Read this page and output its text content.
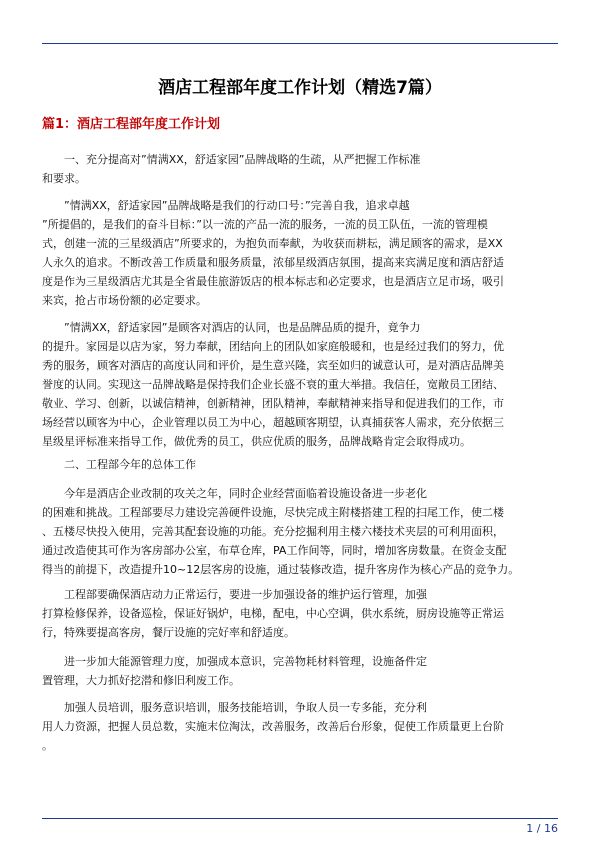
酒店工程部年度工作计划（精选7篇）
篇1：酒店工程部年度工作计划
　　一、充分提高对”情满XX，舒适家园”品牌战略的生疏，从严把握工作标准
和要求。
　　”情满XX，舒适家园”品牌战略是我们的行动口号：”完善自我，追求卓越
”所提倡的，是我们的奋斗目标：”以一流的产品一流的服务，一流的员工队伍，一流的管理模
式，创建一流的三星级酒店”所要求的，为抱负而奉献，为收获而耕耘，满足顾客的需求，是XX
人永久的追求。不断改善工作质量和服务质量，浓郁星级酒店氛围，提高来宾满足度和酒店舒适
度是作为三星级酒店尤其是全省最佳旅游饭店的根本标志和必定要求，也是酒店立足市场，吸引
来宾，抢占市场份额的必定要求。
　　”情满XX，舒适家园”是顾客对酒店的认同，也是品牌品质的提升，竟争力
的提升。家园是以店为家，努力奉献，团结向上的团队如家庭般暖和，也是经过我们的努力，优
秀的服务，顾客对酒店的高度认同和评价，是生意兴隆，宾至如归的诚意认可，是对酒店品牌美
誉度的认同。实现这一品牌战略是保持我们企业长盛不衰的重大举措。我信任，宽敞员工团结、
敬业、学习、创新，以诚信精神，创新精神，团队精神，奉献精神来指导和促进我们的工作，市
场经营以顾客为中心，企业管理以员工为中心，超越顾客期望，认真捕获客人需求，充分依据三
星级星评标准来指导工作，做优秀的员工，供应优质的服务，品牌战略肯定会取得成功。
　　二、工程部今年的总体工作
　　今年是酒店企业改制的攻关之年，同时企业经营面临着设施设备进一步老化
的困难和挑战。工程部要尽力建设完善硬件设施，尽快完成主附楼搭建工程的扫尾工作，使二楼
、五楼尽快投入使用，完善其配套设施的功能。充分挖掘利用主楼六楼技术夹层的可利用面积，
通过改造使其可作为客房部办公室，布草仓库，PA工作间等，同时，增加客房数量。在资金支配
得当的前提下，改造提升10~12层客房的设施，通过装修改造，提升客房作为核心产品的竞争力。
　　工程部要确保酒店动力正常运行，要进一步加强设备的维护运行管理，加强
打算检修保养，设备巡检，保证好锅炉，电梯，配电，中心空调，供水系统，厨房设施等正常运
行，特殊要提高客房，餐厅设施的完好率和舒适度。
　　进一步加大能源管理力度，加强成本意识，完善物耗材料管理，设施备件定
置管理，大力抓好挖潜和修旧利废工作。
　　加强人员培训，服务意识培训，服务技能培训，争取人员一专多能，充分利
用人力资源，把握人员总数，实施末位淘汰，改善服务，改善后台形象，促使工作质量更上台阶
。
1 / 16
